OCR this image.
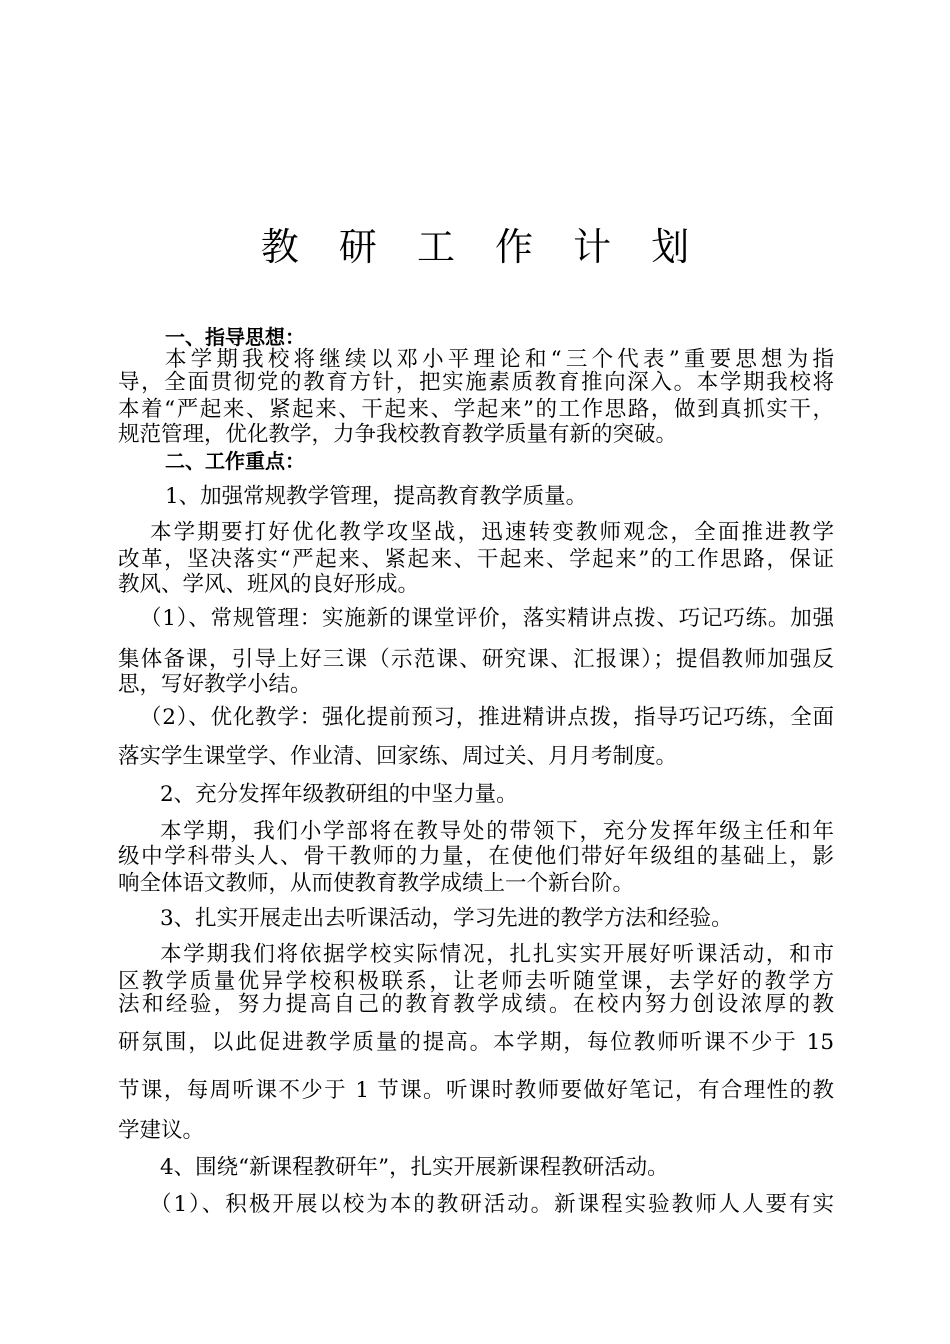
教 研 工 作 计 划
一、指导思想：
本学期我校将继续以邓小平理论和“三个代表”重要思想为指
导，全面贯彻党的教育方针，把实施素质教育推向深入。本学期我校将
本着“严起来、紧起来、干起来、学起来”的工作思路，做到真抓实干，
规范管理，优化教学，力争我校教育教学质量有新的突破。
二、工作重点：
1、加强常规教学管理，提高教育教学质量。
本学期要打好优化教学攻坚战，迅速转变教师观念，全面推进教学
改革，坚决落实“严起来、紧起来、干起来、学起来”的工作思路，保证
教风、学风、班风的良好形成。
（1）、常规管理：实施新的课堂评价，落实精讲点拨、巧记巧练。加强
集体备课，引导上好三课（示范课、研究课、汇报课）；提倡教师加强反
思，写好教学小结。
（2）、优化教学：强化提前预习，推进精讲点拨，指导巧记巧练，全面
落实学生课堂学、作业清、回家练、周过关、月月考制度。
2、充分发挥年级教研组的中坚力量。
本学期，我们小学部将在教导处的带领下，充分发挥年级主任和年
级中学科带头人、骨干教师的力量，在使他们带好年级组的基础上，影
响全体语文教师，从而使教育教学成绩上一个新台阶。
3、扎实开展走出去听课活动，学习先进的教学方法和经验。
本学期我们将依据学校实际情况，扎扎实实开展好听课活动，和市
区教学质量优异学校积极联系，让老师去听随堂课，去学好的教学方
法和经验，努力提高自己的教育教学成绩。在校内努力创设浓厚的教
研氛围，以此促进教学质量的提高。本学期，每位教师听课不少于 15
节课，每周听课不少于 1 节课。听课时教师要做好笔记，有合理性的教
学建议。
4、围绕“新课程教研年”，扎实开展新课程教研活动。
（1）、积极开展以校为本的教研活动。新课程实验教师人人要有实
